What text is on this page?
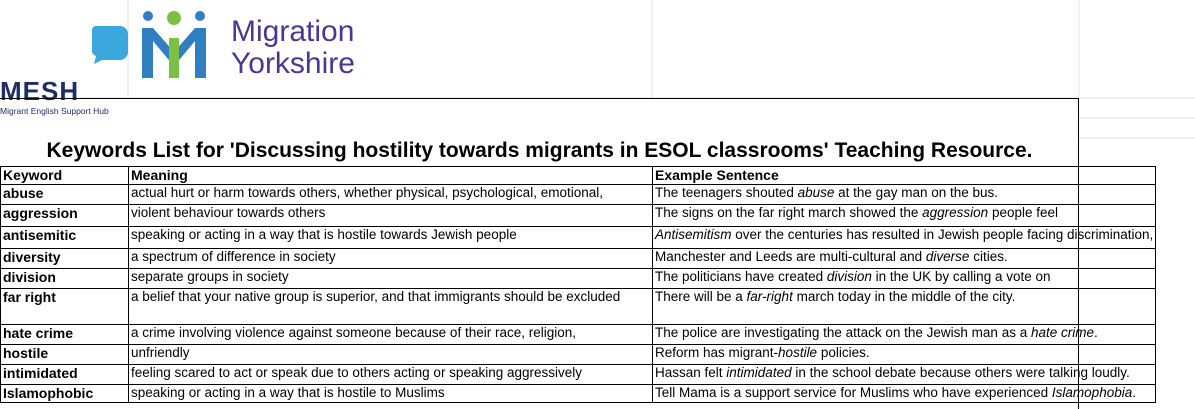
MESH
Migrant English Support Hub
Migration
Yorkshire
Keywords List for 'Discussing hostility towards migrants in ESOL classrooms' Teaching Resource.
Keyword	Meaning	Example Sentence
abuse	actual hurt or harm towards others, whether physical, psychological, emotional,	The teenagers shouted abuse at the gay man on the bus.
aggression	violent behaviour towards others	The signs on the far right march showed the aggression people feel
antisemitic	speaking or acting in a way that is hostile towards Jewish people	Antisemitism over the centuries has resulted in Jewish people facing discrimination,
diversity	a spectrum of difference in society	Manchester and Leeds are multi-cultural and diverse cities.
division	separate groups in society	The politicians have created division in the UK by calling a vote on
far right	a belief that your native group is superior, and that immigrants should be excluded	There will be a far-right march today in the middle of the city.
hate crime	a crime involving violence against someone because of their race, religion,	The police are investigating the attack on the Jewish man as a hate crime.
hostile	unfriendly	Reform has migrant-hostile policies.
intimidated	feeling scared to act or speak due to others acting or speaking aggressively	Hassan felt intimidated in the school debate because others were talking loudly.
Islamophobic	speaking or acting in a way that is hostile to Muslims	Tell Mama is a support service for Muslims who have experienced Islamophobia.
